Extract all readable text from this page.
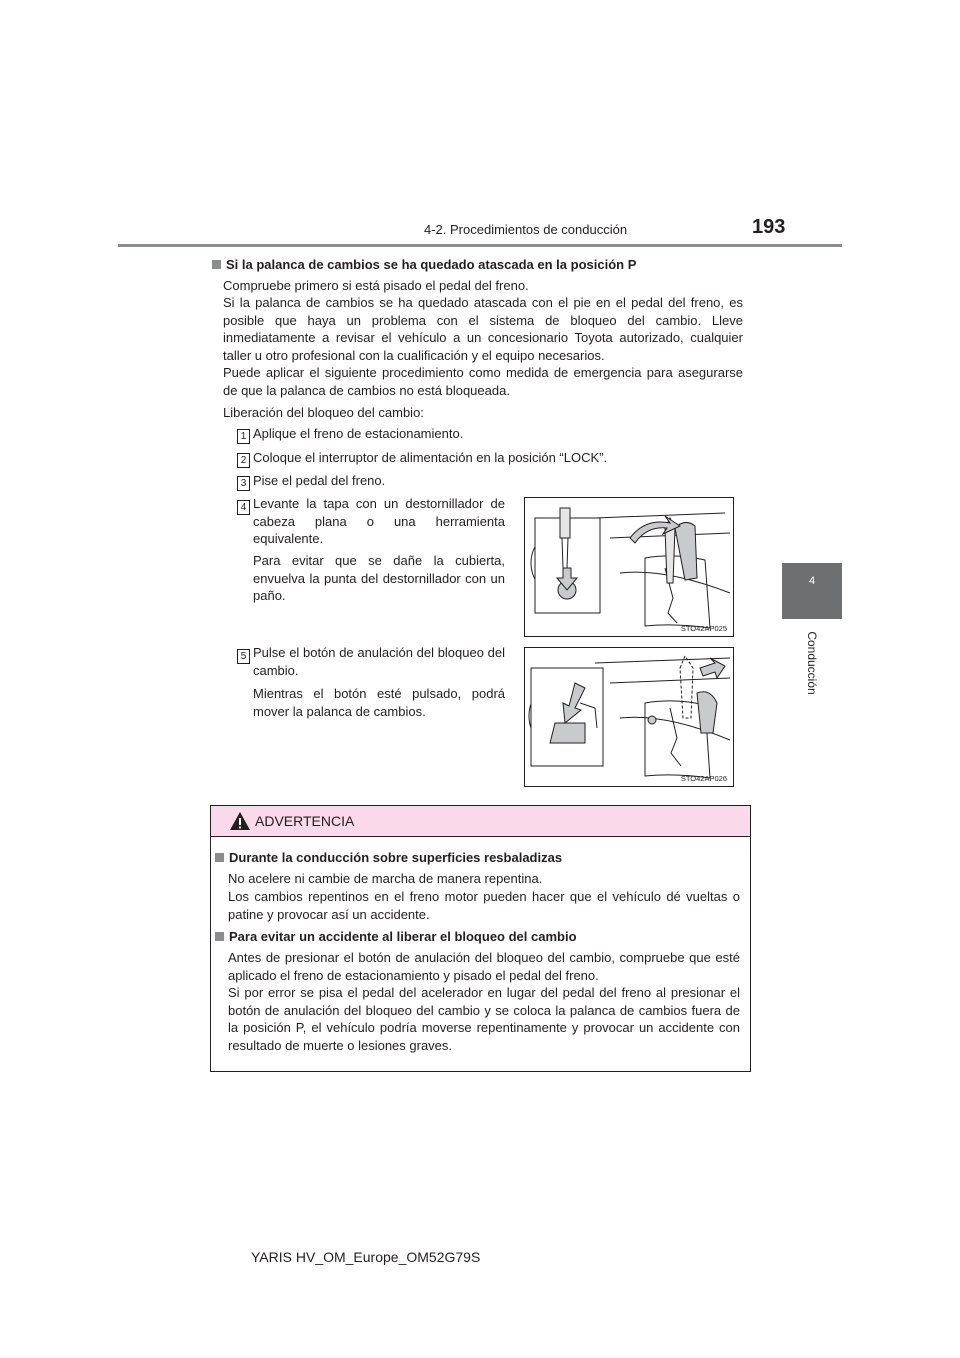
4-2. Procedimientos de conducción	193
4
Conducción
Si la palanca de cambios se ha quedado atascada en la posición P
Compruebe primero si está pisado el pedal del freno.
Si la palanca de cambios se ha quedado atascada con el pie en el pedal del freno, es posible que haya un problema con el sistema de bloqueo del cambio. Lleve inmediatamente a revisar el vehículo a un concesionario Toyota autorizado, cualquier taller u otro profesional con la cualificación y el equipo necesarios.
Puede aplicar el siguiente procedimiento como medida de emergencia para asegurarse de que la palanca de cambios no está bloqueada.
Liberación del bloqueo del cambio:
1 Aplique el freno de estacionamiento.
2 Coloque el interruptor de alimentación en la posición “LOCK”.
3 Pise el pedal del freno.
4 Levante la tapa con un destornillador de cabeza plana o una herramienta equivalente.
Para evitar que se dañe la cubierta, envuelva la punta del destornillador con un paño.
STO42AP025
5 Pulse el botón de anulación del bloqueo del cambio.
Mientras el botón esté pulsado, podrá mover la palanca de cambios.
STO42AP026
ADVERTENCIA
Durante la conducción sobre superficies resbaladizas
No acelere ni cambie de marcha de manera repentina.
Los cambios repentinos en el freno motor pueden hacer que el vehículo dé vueltas o patine y provocar así un accidente.
Para evitar un accidente al liberar el bloqueo del cambio
Antes de presionar el botón de anulación del bloqueo del cambio, compruebe que esté aplicado el freno de estacionamiento y pisado el pedal del freno.
Si por error se pisa el pedal del acelerador en lugar del pedal del freno al presionar el botón de anulación del bloqueo del cambio y se coloca la palanca de cambios fuera de la posición P, el vehículo podría moverse repentinamente y provocar un accidente con resultado de muerte o lesiones graves.
YARIS HV_OM_Europe_OM52G79S
